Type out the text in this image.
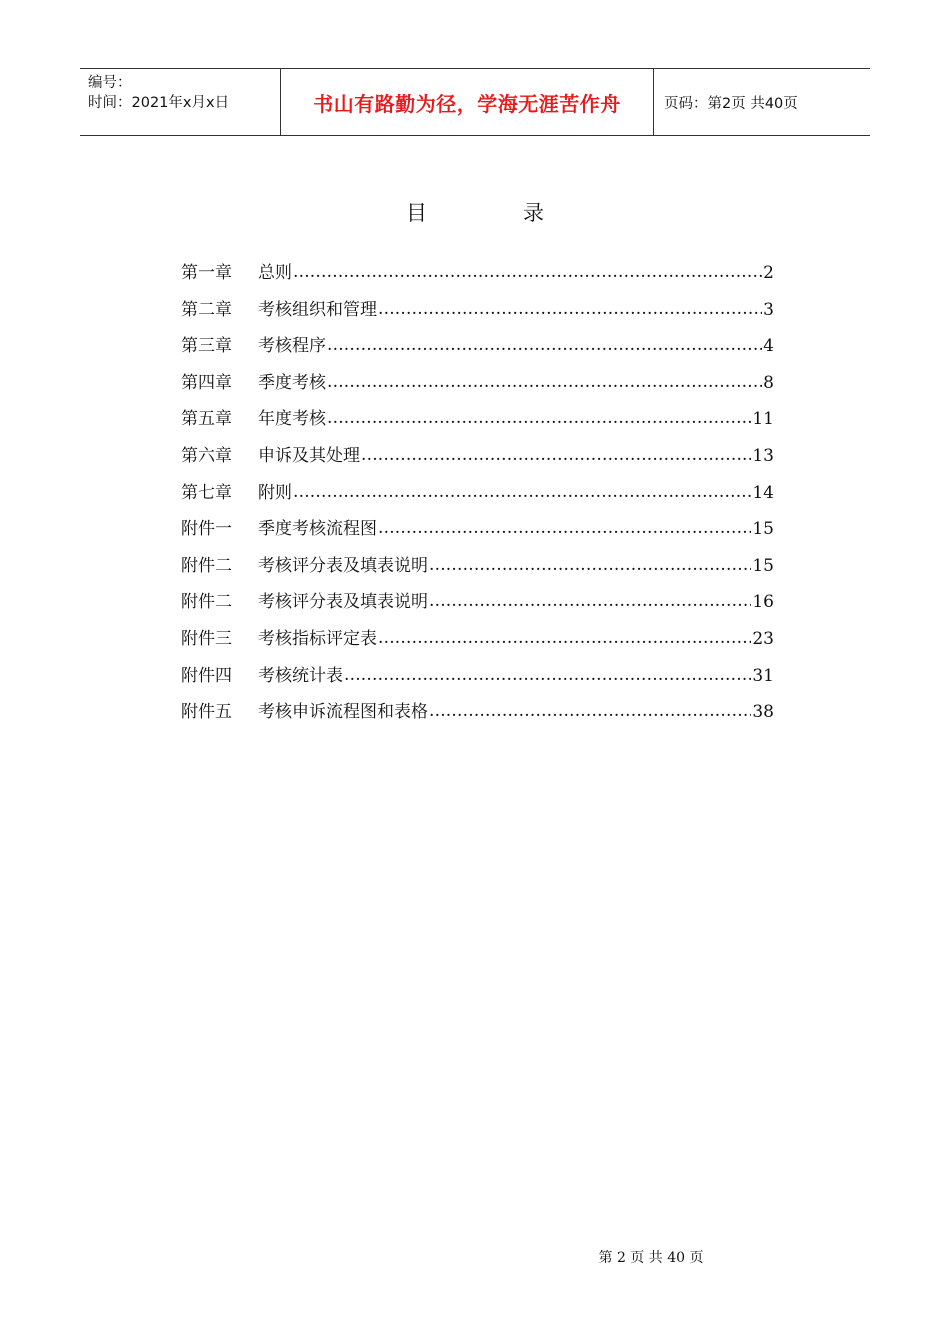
编号：
时间：2021年x月x日	书山有路勤为径，学海无涯苦作舟	页码：第2页 共40页
目	录
第一章	总则 .....	2
第二章	考核组织和管理 .....	3
第三章	考核程序 .....	4
第四章	季度考核 .....	8
第五章	年度考核 .....	11
第六章	申诉及其处理 .....	13
第七章	附则 .....	14
附件一	季度考核流程图 .....	15
附件二	考核评分表及填表说明 .....	15
附件二	考核评分表及填表说明 .....	16
附件三	考核指标评定表 .....	23
附件四	考核统计表 .....	31
附件五	考核申诉流程图和表格 .....	38
第 2 页 共 40 页
